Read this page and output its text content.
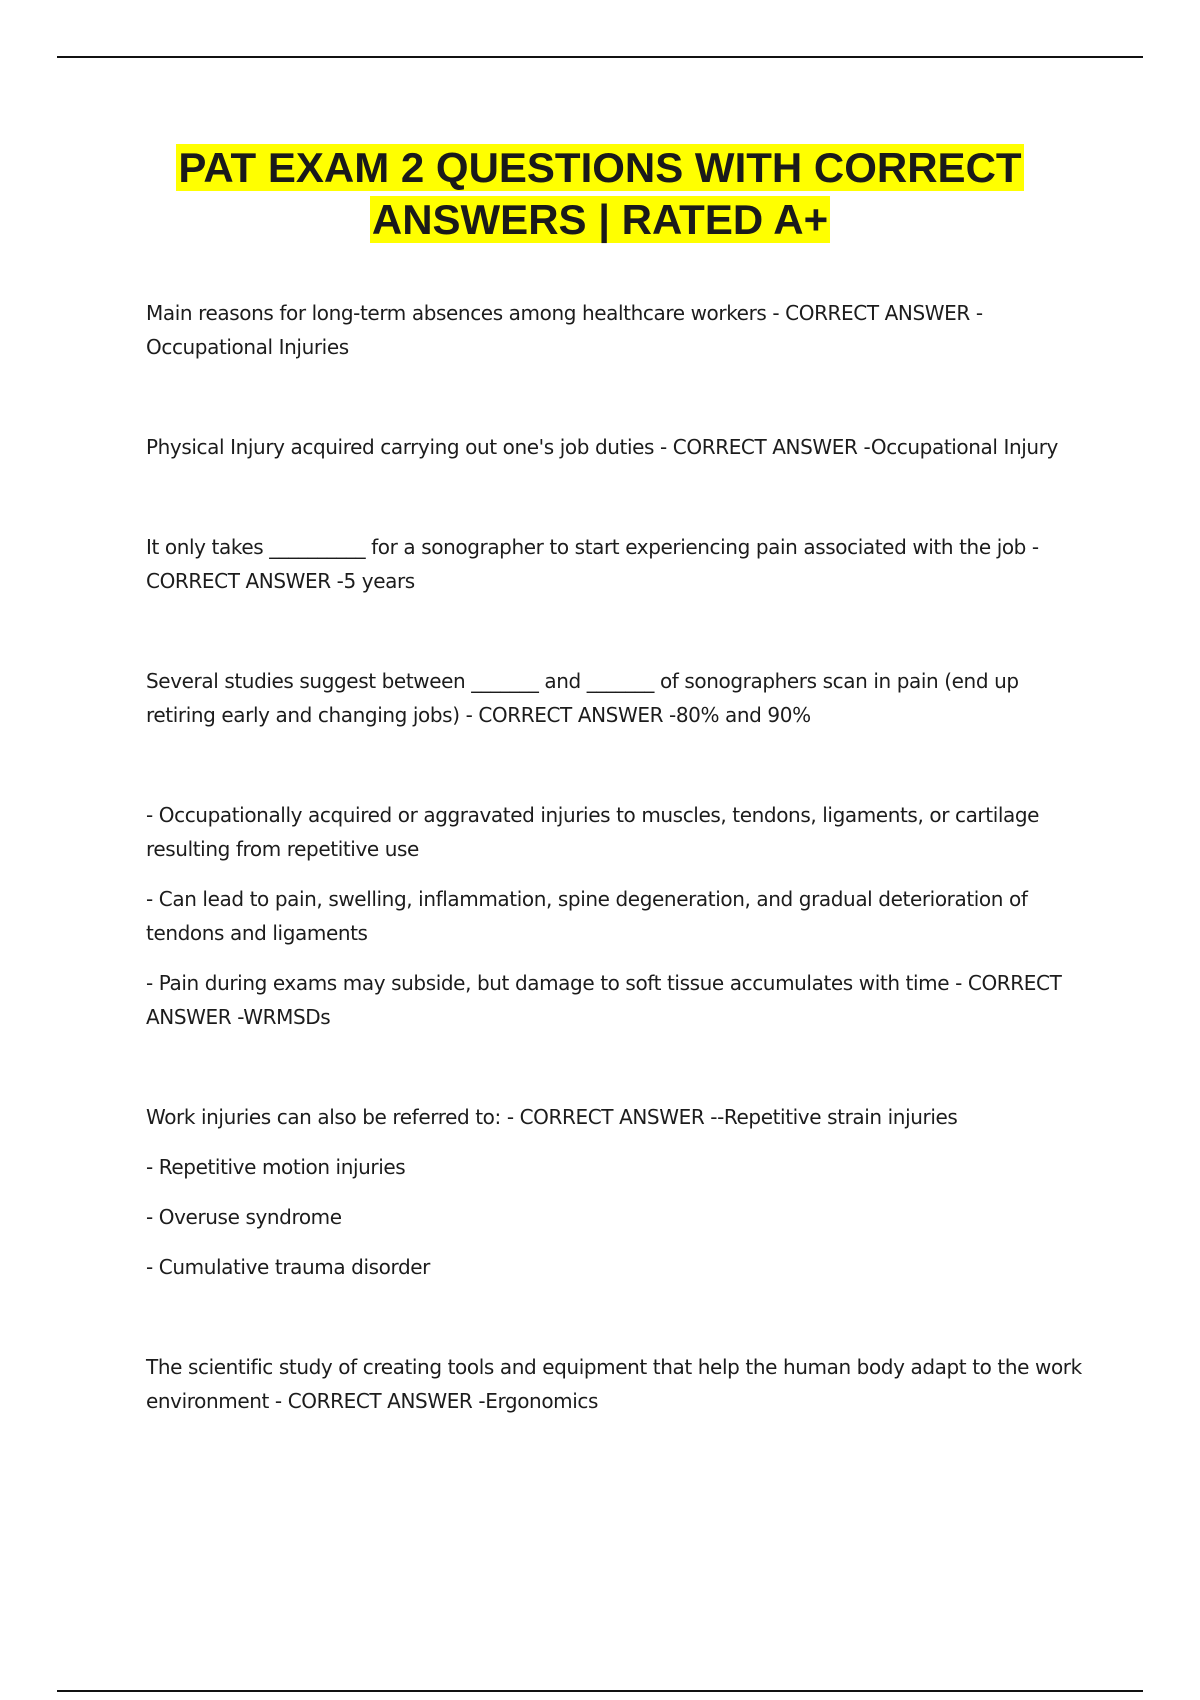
PAT EXAM 2 QUESTIONS WITH CORRECT
ANSWERS | RATED A+

Main reasons for long-term absences among healthcare workers - CORRECT ANSWER -Occupational Injuries

Physical Injury acquired carrying out one's job duties - CORRECT ANSWER -Occupational Injury

It only takes __________ for a sonographer to start experiencing pain associated with the job - CORRECT ANSWER -5 years

Several studies suggest between _______ and _______ of sonographers scan in pain (end up retiring early and changing jobs) - CORRECT ANSWER -80% and 90%

- Occupationally acquired or aggravated injuries to muscles, tendons, ligaments, or cartilage resulting from repetitive use

- Can lead to pain, swelling, inflammation, spine degeneration, and gradual deterioration of tendons and ligaments

- Pain during exams may subside, but damage to soft tissue accumulates with time - CORRECT ANSWER -WRMSDs

Work injuries can also be referred to: - CORRECT ANSWER --Repetitive strain injuries

- Repetitive motion injuries

- Overuse syndrome

- Cumulative trauma disorder

The scientific study of creating tools and equipment that help the human body adapt to the work environment - CORRECT ANSWER -Ergonomics
